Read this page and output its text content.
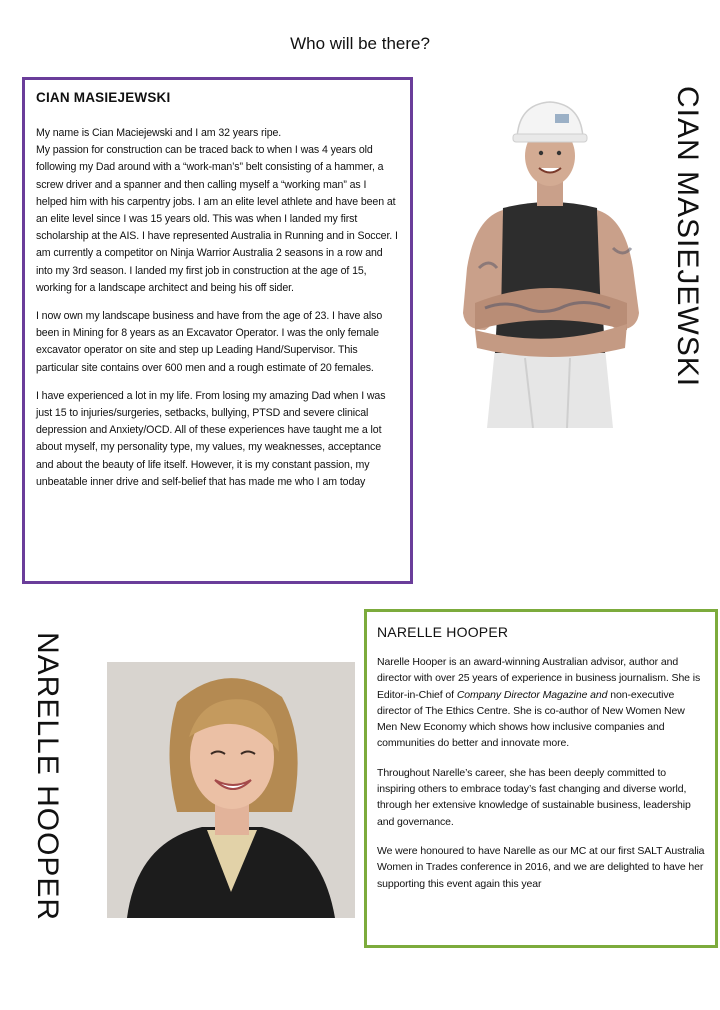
Who will be there?
CIAN MASIEJEWSKI

My name is Cian Maciejewski and I am 32 years ripe.
My passion for construction can be traced back to when I was 4 years old following my Dad around with a “work-man’s” belt consisting of a hammer, a screw driver and a spanner and then calling myself a “working man” as I helped him with his carpentry jobs. I am an elite level athlete and have been at an elite level since I was 15 years old. This was when I landed my first scholarship at the AIS. I have represented Australia in Running and in Soccer. I am currently a competitor on Ninja Warrior Australia 2 seasons in a row and into my 3rd season. I landed my first job in construction at the age of 15, working for a landscape architect and being his off sider.

I now own my landscape business and have from the age of 23. I have also been in Mining for 8 years as an Excavator Operator. I was the only female excavator operator on site and step up Leading Hand/Supervisor. This particular site contains over 600 men and a rough estimate of 20 females.

I have experienced a lot in my life. From losing my amazing Dad when I was just 15 to injuries/surgeries, setbacks, bullying, PTSD and severe clinical depression and Anxiety/OCD. All of these experiences have taught me a lot about myself, my personality type, my values, my weaknesses, acceptance and about the beauty of life itself. However, it is my constant passion, my unbeatable inner drive and self-belief that has made me who I am today

CIAN MASIEJEWSKI
NARELLE HOOPER	NARELLE HOOPER

Narelle Hooper is an award-winning Australian advisor, author and director with over 25 years of experience in business journalism. She is Editor-in-Chief of Company Director Magazine and non-executive director of The Ethics Centre. She is co-author of New Women New Men New Economy which shows how inclusive companies and communities do better and innovate more.

Throughout Narelle’s career, she has been deeply committed to inspiring others to embrace today’s fast changing and diverse world, through her extensive knowledge of sustainable business, leadership and governance.

We were honoured to have Narelle as our MC at our first SALT Australia Women in Trades conference in 2016, and we are delighted to have her supporting this event again this year
